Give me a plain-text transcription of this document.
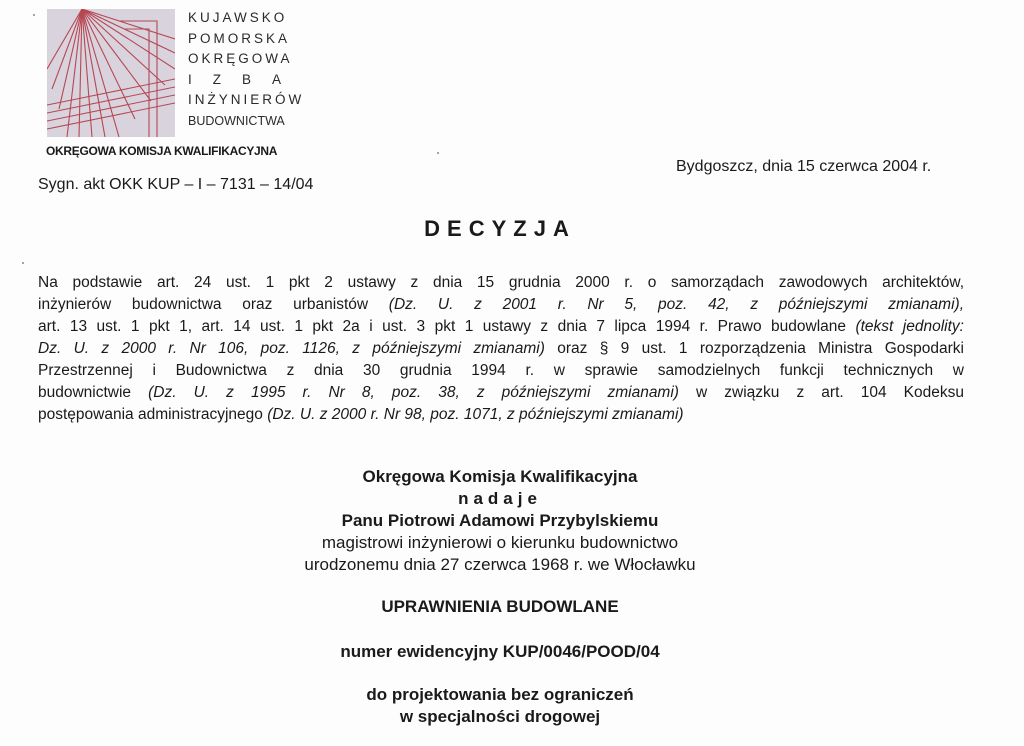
KUJAWSKO
POMORSKA
OKRĘGOWA
IZBA
INŻYNIERÓW
BUDOWNICTWA
OKRĘGOWA KOMISJA KWALIFIKACYJNA
Sygn. akt OKK KUP – I – 7131 – 14/04
Bydgoszcz, dnia 15 czerwca 2004 r.
DECYZJA
Na podstawie art. 24 ust. 1 pkt 2 ustawy z dnia 15 grudnia 2000 r. o samorządach zawodowych architektów,
inżynierów budownictwa oraz urbanistów (Dz. U. z 2001 r. Nr 5, poz. 42, z późniejszymi zmianami),
art. 13 ust. 1 pkt 1, art. 14 ust. 1 pkt 2a i ust. 3 pkt 1 ustawy z dnia 7 lipca 1994 r. Prawo budowlane (tekst jednolity:
Dz. U. z 2000 r. Nr 106, poz. 1126, z późniejszymi zmianami) oraz § 9 ust. 1 rozporządzenia Ministra Gospodarki
Przestrzennej i Budownictwa z dnia 30 grudnia 1994 r. w sprawie samodzielnych funkcji technicznych w
budownictwie (Dz. U. z 1995 r. Nr 8, poz. 38, z późniejszymi zmianami) w związku z art. 104 Kodeksu
postępowania administracyjnego (Dz. U. z 2000 r. Nr 98, poz. 1071, z późniejszymi zmianami)
Okręgowa Komisja Kwalifikacyjna
nadaje
Panu Piotrowi Adamowi Przybylskiemu
magistrowi inżynierowi o kierunku budownictwo
urodzonemu dnia 27 czerwca 1968 r. we Włocławku
UPRAWNIENIA BUDOWLANE
numer ewidencyjny KUP/0046/POOD/04
do projektowania bez ograniczeń
w specjalności drogowej
